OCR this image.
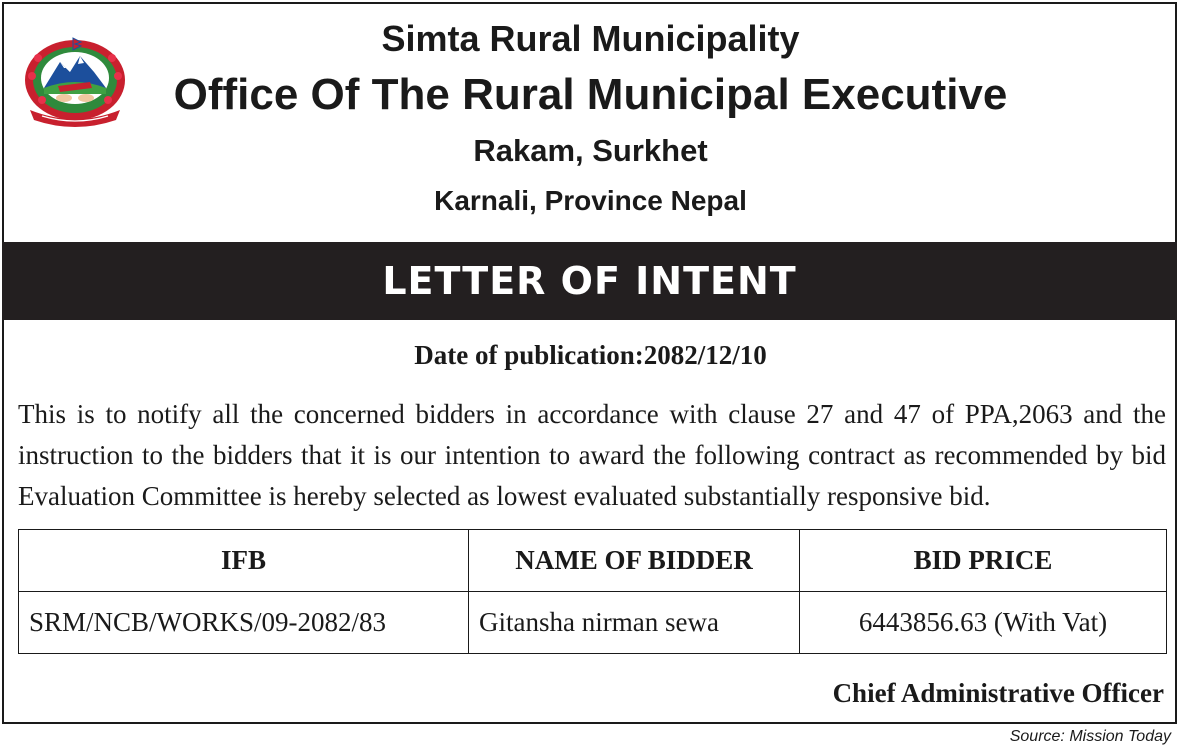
Simta Rural Municipality
Office Of The Rural Municipal Executive
Rakam, Surkhet
Karnali, Province Nepal
LETTER OF INTENT
Date of publication:2082/12/10
This is to notify all the concerned bidders in accordance with clause 27 and 47 of PPA,2063 and the instruction to the bidders that it is our intention to award the following contract as recommended by bid Evaluation Committee is hereby selected as lowest evaluated substantially responsive bid.
IFB	NAME OF BIDDER	BID PRICE
SRM/NCB/WORKS/09-2082/83	Gitansha nirman sewa	6443856.63 (With Vat)
Chief Administrative Officer
Source: Mission Today
